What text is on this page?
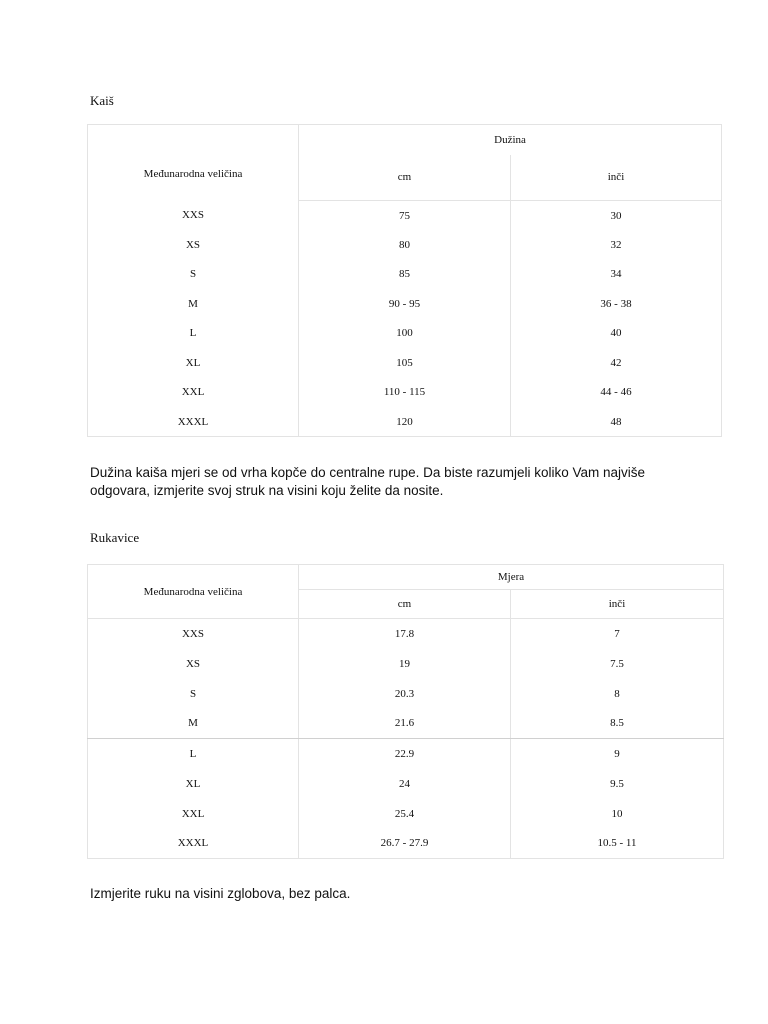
Kaiš
Međunarodna veličina	Dužina	
	cm	inči
XXS	75	30
XS	80	32
S	85	34
M	90 - 95	36 - 38
L	100	40
XL	105	42
XXL	110 - 115	44 - 46
XXXL	120	48
Dužina kaiša mjeri se od vrha kopče do centralne rupe. Da biste razumjeli koliko Vam najviše odgovara, izmjerite svoj struk na visini koju želite da nosite.
Rukavice
Međunarodna veličina	Mjera	
	cm	inči
XXS	17.8	7
XS	19	7.5
S	20.3	8
M	21.6	8.5
L	22.9	9
XL	24	9.5
XXL	25.4	10
XXXL	26.7 - 27.9	10.5 - 11
Izmjerite ruku na visini zglobova, bez palca.
